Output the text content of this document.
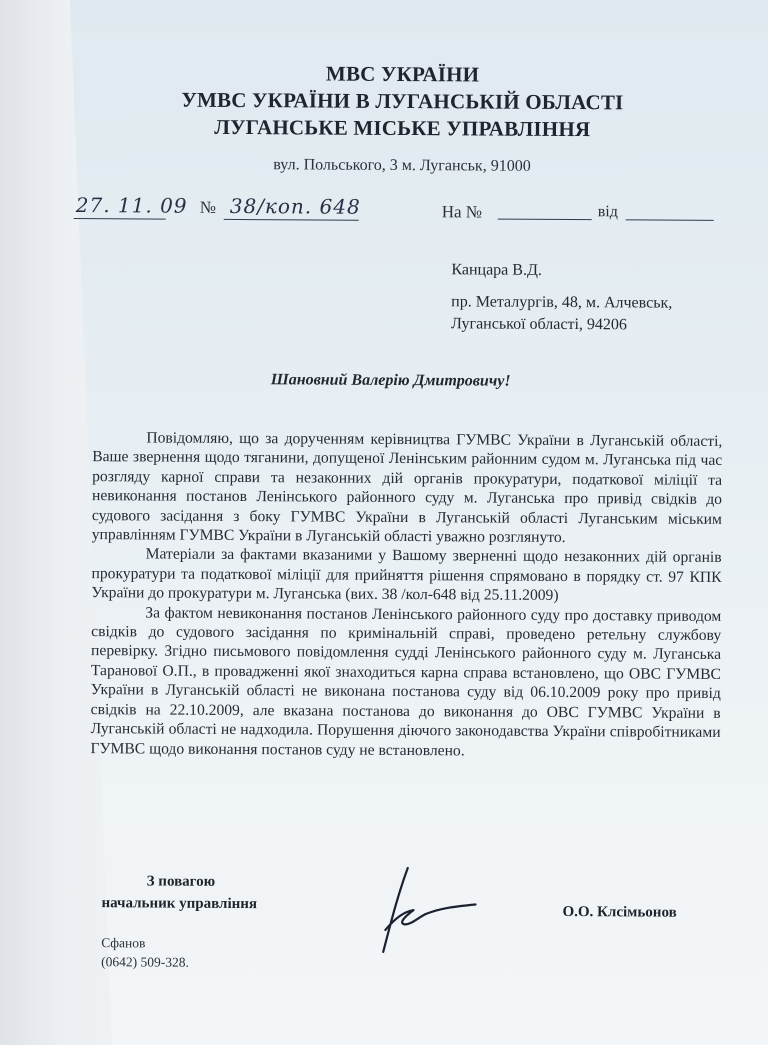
МВС УКРАЇНИ
УМВС УКРАЇНИ В ЛУГАНСЬКІЙ ОБЛАСТІ
ЛУГАНСЬКЕ МІСЬКЕ УПРАВЛІННЯ
вул. Польського, 3 м. Луганськ, 91000
27. 11. 09 № 38/коп. 648	На №	від
Канцара В.Д.
пр. Металургів, 48, м. Алчевськ,
Луганської області, 94206
Шановний Валерію Дмитровичу!

Повідомляю, що за дорученням керівництва ГУМВС України в Луганській області, Ваше звернення щодо тяганини, допущеної Ленінським районним судом м. Луганська під час розгляду карної справи та незаконних дій органів прокуратури, податкової міліції та невиконання постанов Ленінського районного суду м. Луганська про привід свідків до судового засідання з боку ГУМВС України в Луганській області Луганським міським управлінням ГУМВС України в Луганській області уважно розглянуто.

Матеріали за фактами вказаними у Вашому зверненні щодо незаконних дій органів прокуратури та податкової міліції для прийняття рішення спрямовано в порядку ст. 97 КПК України до прокуратури м. Луганська (вих. 38 /кол-648 від 25.11.2009)

За фактом невиконання постанов Ленінського районного суду про доставку приводом свідків до судового засідання по кримінальній справі, проведено ретельну службову перевірку. Згідно письмового повідомлення судді Ленінського районного суду м. Луганська Таранової О.П., в провадженні якої знаходиться карна справа встановлено, що ОВС ГУМВС України в Луганській області не виконана постанова суду від 06.10.2009 року про привід свідків на 22.10.2009, але вказана постанова до виконання до ОВС ГУМВС України в Луганській області не надходила. Порушення діючого законодавства України співробітниками ГУМВС щодо виконання постанов суду не встановлено.

З повагою
начальник управління
О.О. Клсімьонов
Сфанов
(0642) 509-328.
